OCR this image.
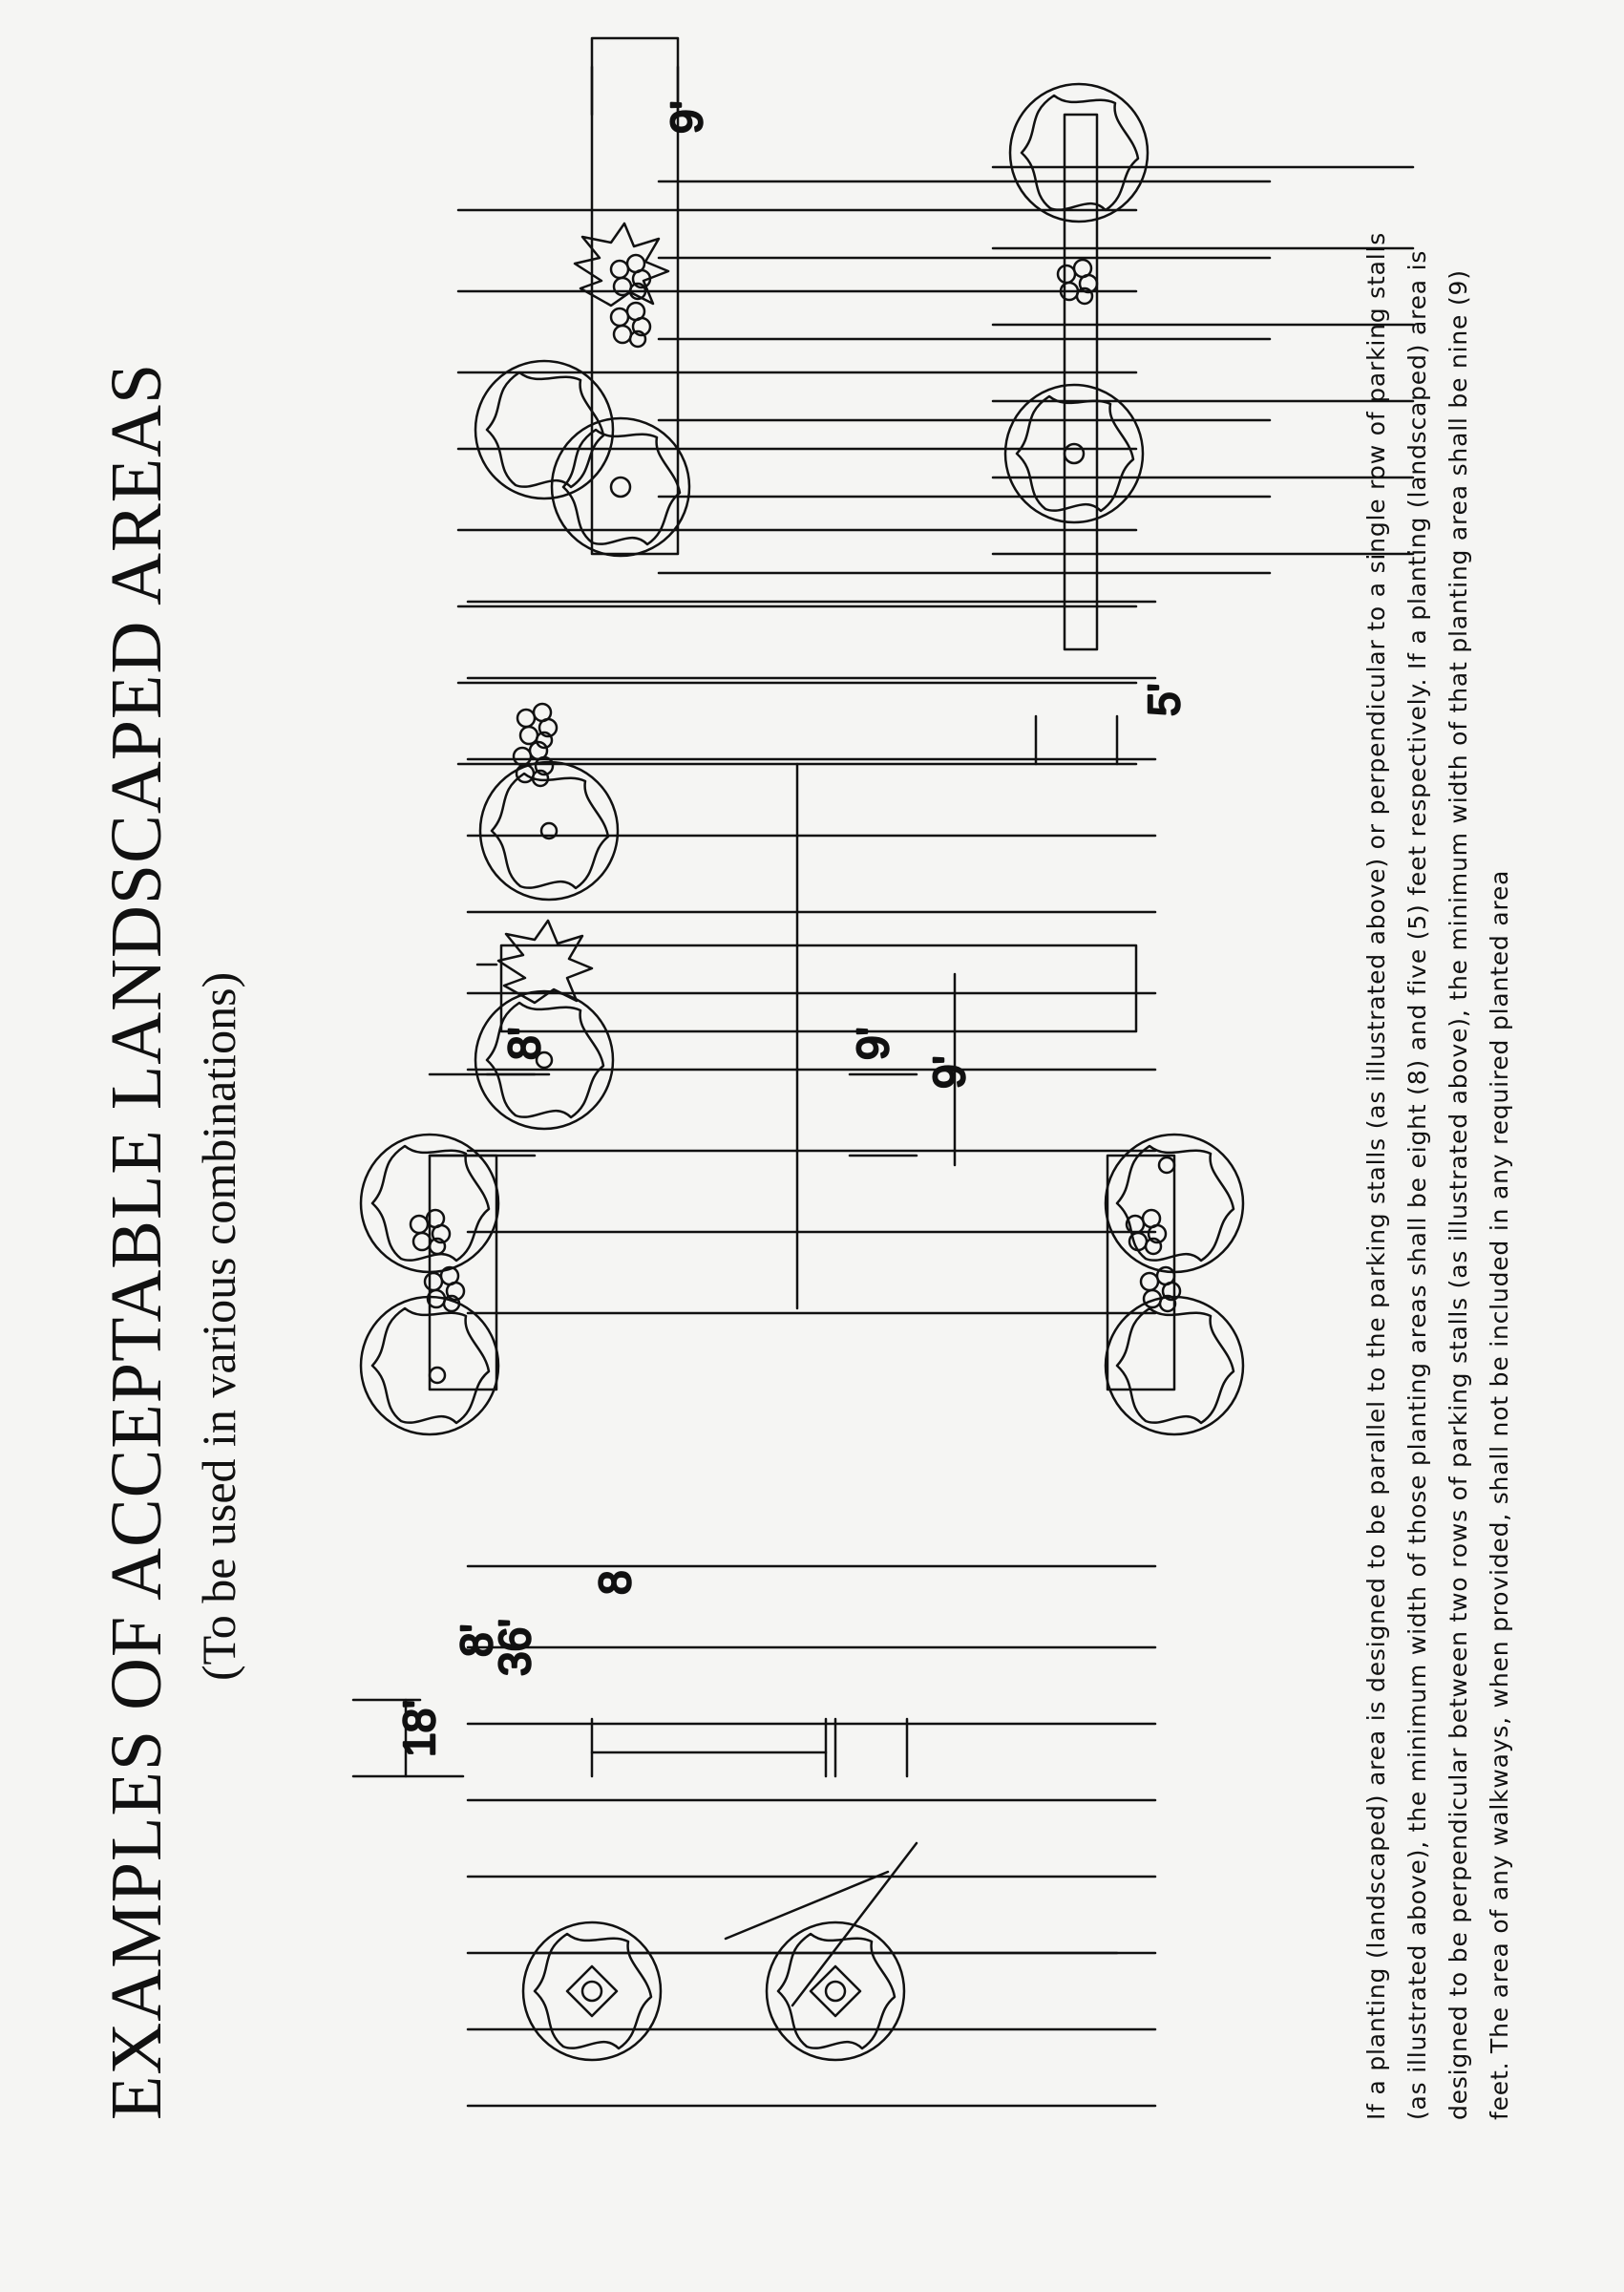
EXAMPLES OF ACCEPTABLE LANDSCAPED AREAS (To be used in various combinations)

18'
36'
8
8'
8'	9'
9'
9'
5'	If a planting (landscaped) area is designed to be parallel to the parking stalls (as illustrated above) or perpendicular to a single row of parking stalls (as illustrated above), the minimum width of those planting areas shall be eight (8) and five (5) feet respectively. If a planting (landscaped) area is designed to be perpendicular between two rows of parking stalls (as illustrated above), the minimum width of that planting area shall be nine (9) feet. The area of any walkways, when provided, shall not be included in any required planted area
